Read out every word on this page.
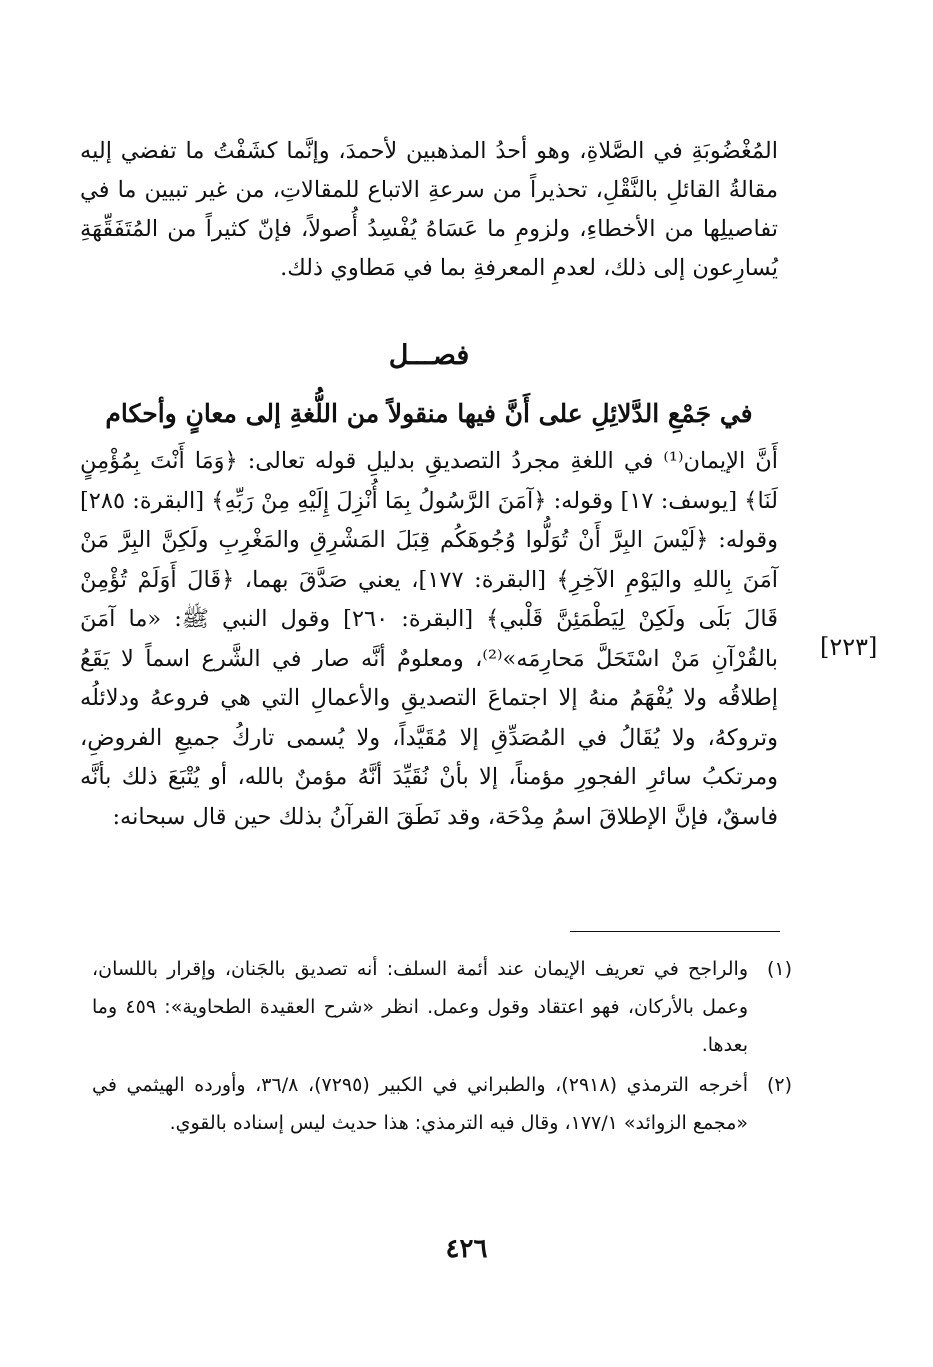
المُغْضُوبَةِ في الصَّلاةِ، وهو أحدُ المذهبين لأحمدَ، وإنَّما كشَفْتُ ما تفضي إليه مقالةُ القائلِ بالنَّقْلِ، تحذيراً من سرعةِ الاتباع للمقالاتِ، من غير تبيين ما في تفاصيلِها من الأخطاءِ، ولزومِ ما عَسَاهُ يُفْسِدُ أُصولاً، فإنّ كثيراً من المُتَفَقِّهَةِ يُسارِعون إلى ذلك، لعدمِ المعرفةِ بما في مَطاوي ذلك.

فصـــل
في جَمْعِ الدَّلائِلِ على أَنَّ فيها منقولاً من اللُّغةِ إلى معانٍ وأحكام

أَنَّ الإيمان⁽¹⁾ في اللغةِ مجردُ التصديقِ بدليلِ قوله تعالى: ﴿وَمَا أَنْتَ بِمُؤْمِنٍ لَنَا﴾ [يوسف: ١٧] وقوله: ﴿آمَنَ الرَّسُولُ بِمَا أُنْزِلَ إِلَيْهِ مِنْ رَبِّهِ﴾ [البقرة: ٢٨٥] وقوله: ﴿لَيْسَ البِرَّ أَنْ تُوَلُّوا وُجُوهَكُم قِبَلَ المَشْرِقِ والمَغْرِبِ ولَكِنَّ البِرَّ مَنْ آمَنَ بِاللهِ واليَوْمِ الآخِرِ﴾ [البقرة: ١٧٧]، يعني صَدَّقَ بهما، ﴿قَالَ أَوَلَمْ تُؤْمِنْ قَالَ بَلَى ولَكِنْ لِيَطْمَئِنَّ قَلْبي﴾ [البقرة: ٢٦٠] وقول النبي ﷺ: «ما آمَنَ بالقُرْآنِ مَنْ اسْتَحَلَّ مَحارِمَه»⁽²⁾، ومعلومٌ أنَّه صار في الشَّرع اسماً لا يَقَعُ إطلاقُه ولا يُفْهَمُ منهُ إلا اجتماعَ التصديقِ والأعمالِ التي هي فروعهُ ودلائلُه وتروكهُ، ولا يُقَالُ في المُصَدِّقِ إلا مُقَيَّداً، ولا يُسمى تاركُ جميعِ الفروضِ، ومرتكبُ سائرِ الفجورِ مؤمناً، إلا بأنْ نُقَيِّدَ أنَّهُ مؤمنٌ بالله، أو يُتْبَعَ ذلك بأنَّه فاسقٌ، فإنَّ الإطلاقَ اسمُ مِدْحَة، وقد نَطَقَ القرآنُ بذلك حين قال سبحانه:

[٢٢٣]
(١)
والراجح في تعريف الإيمان عند أئمة السلف: أنه تصديق بالجَنان، وإقرار باللسان، وعمل بالأركان، فهو اعتقاد وقول وعمل. انظر «شرح العقيدة الطحاوية»: ٤٥٩ وما بعدها.
(٢)
أخرجه الترمذي (٢٩١٨)، والطبراني في الكبير (٧٢٩٥)، ٣٦/٨، وأورده الهيثمي في «مجمع الزوائد» ١٧٧/١، وقال فيه الترمذي: هذا حديث ليس إسناده بالقوي.
٤٢٦
